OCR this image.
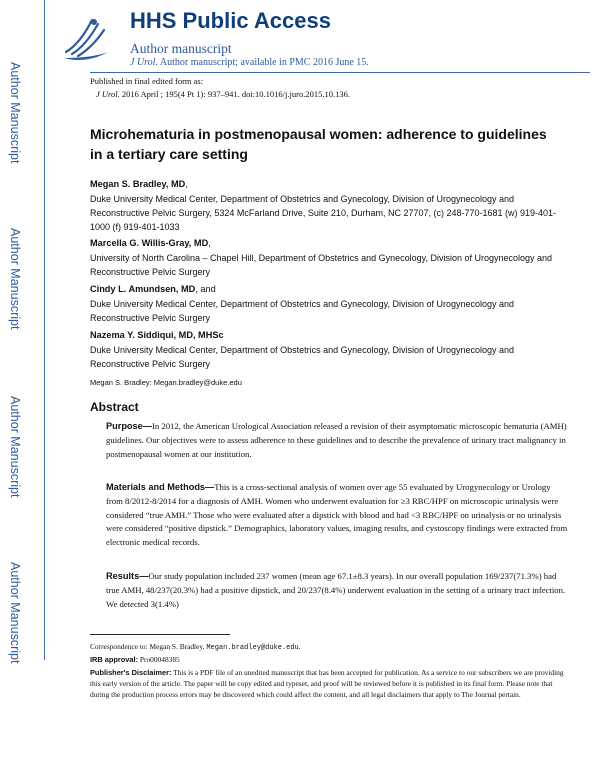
Author Manuscript
Author Manuscript
Author Manuscript
Author Manuscript
HHS Public Access
Author manuscript
J Urol. Author manuscript; available in PMC 2016 June 15.
Published in final edited form as:
J Urol. 2016 April ; 195(4 Pt 1): 937–941. doi:10.1016/j.juro.2015.10.136.
Microhematuria in postmenopausal women: adherence to guidelines in a tertiary care setting
Megan S. Bradley, MD,
Duke University Medical Center, Department of Obstetrics and Gynecology, Division of Urogynecology and Reconstructive Pelvic Surgery, 5324 McFarland Drive, Suite 210, Durham, NC 27707, (c) 248-770-1681 (w) 919-401-1000 (f) 919-401-1033
Marcella G. Willis-Gray, MD,
University of North Carolina – Chapel Hill, Department of Obstetrics and Gynecology, Division of Urogynecology and Reconstructive Pelvic Surgery
Cindy L. Amundsen, MD, and
Duke University Medical Center, Department of Obstetrics and Gynecology, Division of Urogynecology and Reconstructive Pelvic Surgery
Nazema Y. Siddiqui, MD, MHSc
Duke University Medical Center, Department of Obstetrics and Gynecology, Division of Urogynecology and Reconstructive Pelvic Surgery
Megan S. Bradley: Megan.bradley@duke.edu
Abstract
Purpose—In 2012, the American Urological Association released a revision of their asymptomatic microscopic hematuria (AMH) guidelines. Our objectives were to assess adherence to these guidelines and to describe the prevalence of urinary tract malignancy in postmenopausal women at our institution.
Materials and Methods—This is a cross-sectional analysis of women over age 55 evaluated by Urogynecology or Urology from 8/2012-8/2014 for a diagnosis of AMH. Women who underwent evaluation for ≥3 RBC/HPF on microscopic urinalysis were considered “true AMH.” Those who were evaluated after a dipstick with blood and had <3 RBC/HPF on urinalysis or no urinalysis were considered “positive dipstick.” Demographics, laboratory values, imaging results, and cystoscopy findings were extracted from electronic medical records.
Results—Our study population included 237 women (mean age 67.1±8.3 years). In our overall population 169/237(71.3%) had true AMH, 48/237(20.3%) had a positive dipstick, and 20/237(8.4%) underwent evaluation in the setting of a urinary tract infection. We detected 3(1.4%)
Correspondence to: Megan S. Bradley, Megan.bradley@duke.edu.
IRB approval: Pro00048385
Publisher's Disclaimer: This is a PDF file of an unedited manuscript that has been accepted for publication. As a service to our subscribers we are providing this early version of the article. The paper will be copy edited and typeset, and proof will be reviewed before it is published in its final form. Please note that during the production process errors may be discovered which could affect the content, and all legal disclaimers that apply to The Journal pertain.
